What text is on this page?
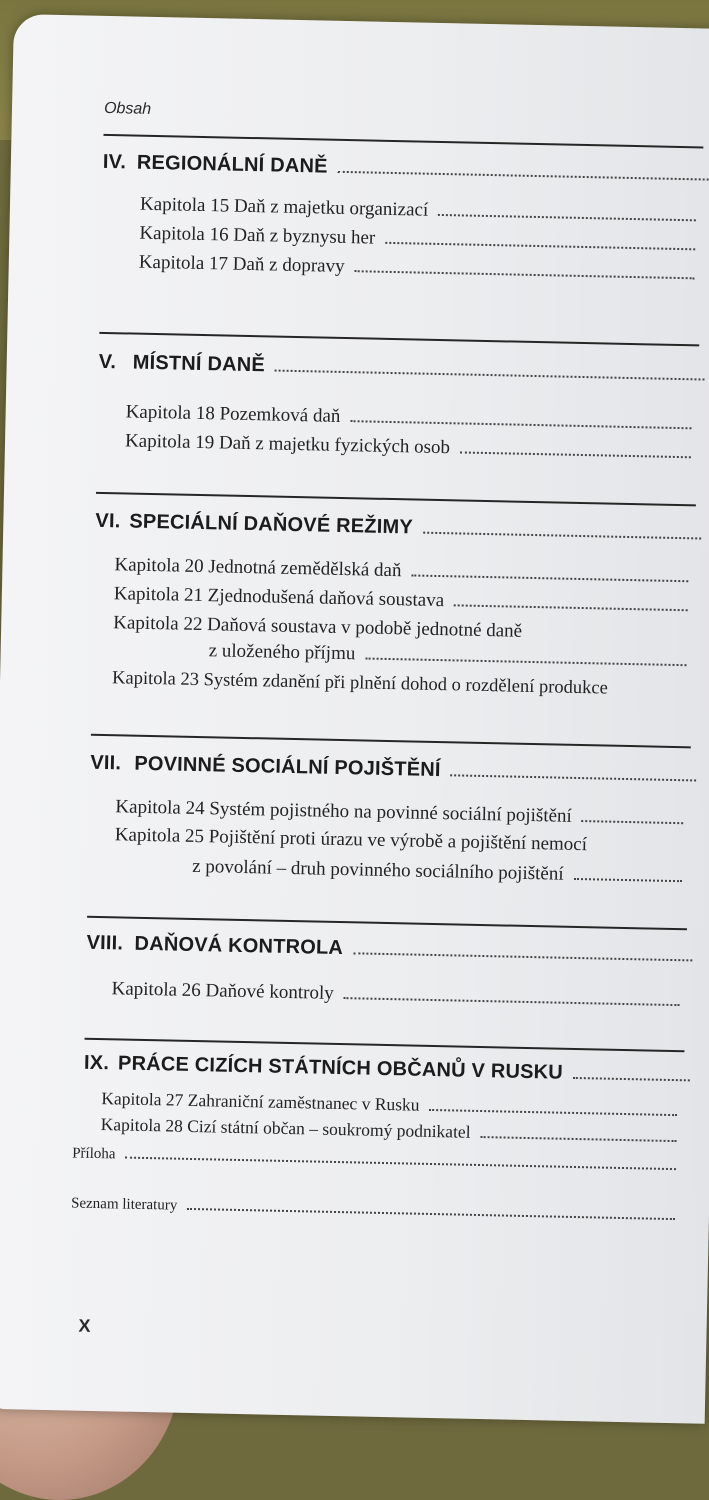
Obsah
IV. REGIONÁLNÍ DANĚ
Kapitola 15 Daň z majetku organizací
Kapitola 16 Daň z byznysu her
Kapitola 17 Daň z dopravy
V. MÍSTNÍ DANĚ
Kapitola 18 Pozemková daň
Kapitola 19 Daň z majetku fyzických osob
VI. SPECIÁLNÍ DAŇOVÉ REŽIMY
Kapitola 20 Jednotná zemědělská daň
Kapitola 21 Zjednodušená daňová soustava
Kapitola 22 Daňová soustava v podobě jednotné daně
z uloženého příjmu
Kapitola 23 Systém zdanění při plnění dohod o rozdělení produkce
VII. POVINNÉ SOCIÁLNÍ POJIŠTĚNÍ
Kapitola 24 Systém pojistného na povinné sociální pojištění
Kapitola 25 Pojištění proti úrazu ve výrobě a pojištění nemocí
z povolání – druh povinného sociálního pojištění
VIII. DAŇOVÁ KONTROLA
Kapitola 26 Daňové kontroly
IX. PRÁCE CIZÍCH STÁTNÍCH OBČANŮ V RUSKU
Kapitola 27 Zahraniční zaměstnanec v Rusku
Kapitola 28 Cizí státní občan – soukromý podnikatel
Příloha
Seznam literatury
X
